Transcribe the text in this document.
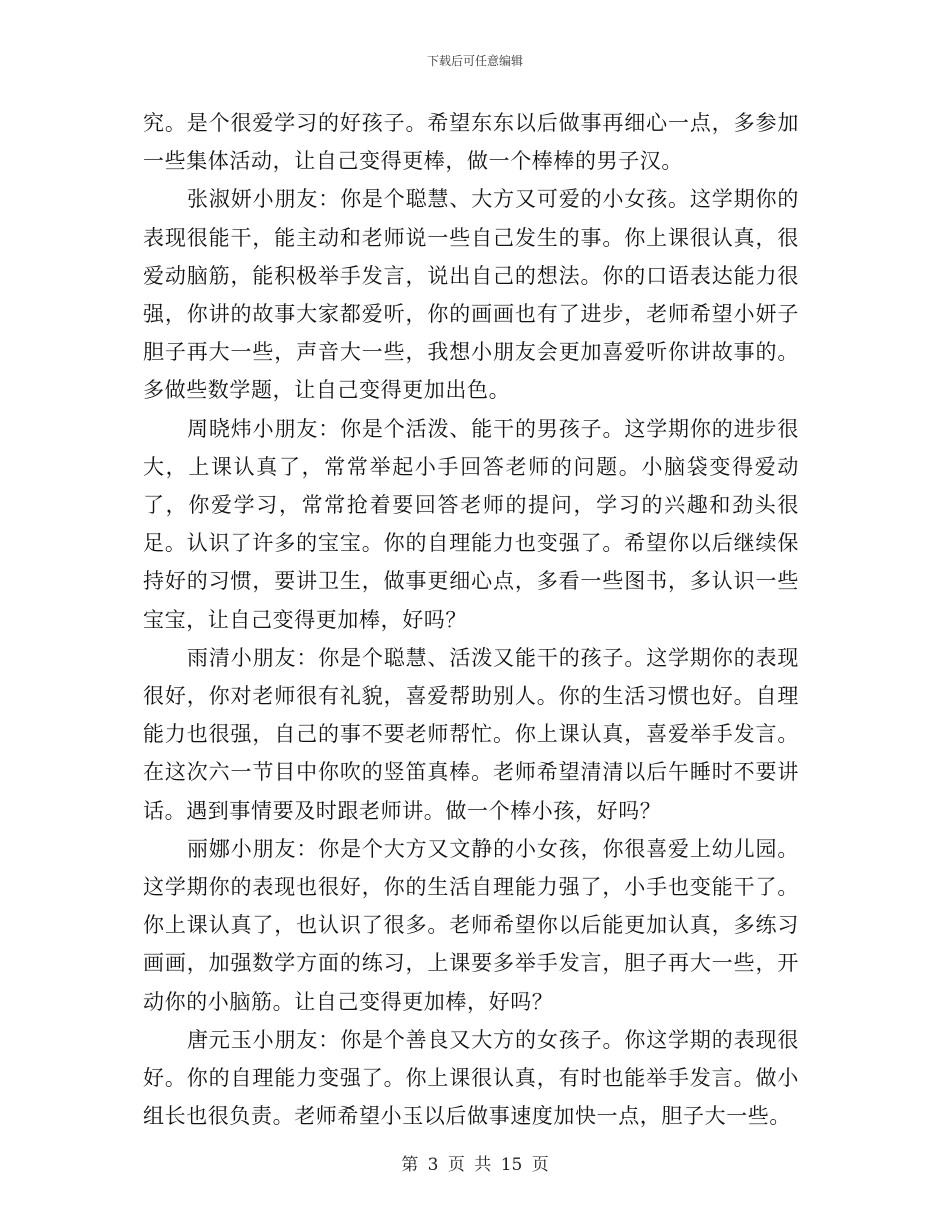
下载后可任意编辑

究。是个很爱学习的好孩子。希望东东以后做事再细心一点，多参加一些集体活动，让自己变得更棒，做一个棒棒的男子汉。

张淑妍小朋友：你是个聪慧、大方又可爱的小女孩。这学期你的表现很能干，能主动和老师说一些自己发生的事。你上课很认真，很爱动脑筋，能积极举手发言，说出自己的想法。你的口语表达能力很强，你讲的故事大家都爱听，你的画画也有了进步，老师希望小妍子胆子再大一些，声音大一些，我想小朋友会更加喜爱听你讲故事的。多做些数学题，让自己变得更加出色。

周晓炜小朋友：你是个活泼、能干的男孩子。这学期你的进步很大，上课认真了，常常举起小手回答老师的问题。小脑袋变得爱动了，你爱学习，常常抢着要回答老师的提问，学习的兴趣和劲头很足。认识了许多的宝宝。你的自理能力也变强了。希望你以后继续保持好的习惯，要讲卫生，做事更细心点，多看一些图书，多认识一些宝宝，让自己变得更加棒，好吗？

雨清小朋友：你是个聪慧、活泼又能干的孩子。这学期你的表现很好，你对老师很有礼貌，喜爱帮助别人。你的生活习惯也好。自理能力也很强，自己的事不要老师帮忙。你上课认真，喜爱举手发言。在这次六一节目中你吹的竖笛真棒。老师希望清清以后午睡时不要讲话。遇到事情要及时跟老师讲。做一个棒小孩，好吗？

丽娜小朋友：你是个大方又文静的小女孩，你很喜爱上幼儿园。这学期你的表现也很好，你的生活自理能力强了，小手也变能干了。你上课认真了，也认识了很多。老师希望你以后能更加认真，多练习画画，加强数学方面的练习，上课要多举手发言，胆子再大一些，开动你的小脑筋。让自己变得更加棒，好吗？

唐元玉小朋友：你是个善良又大方的女孩子。你这学期的表现很好。你的自理能力变强了。你上课很认真，有时也能举手发言。做小组长也很负责。老师希望小玉以后做事速度加快一点，胆子大一些。

第 3 页 共 15 页
